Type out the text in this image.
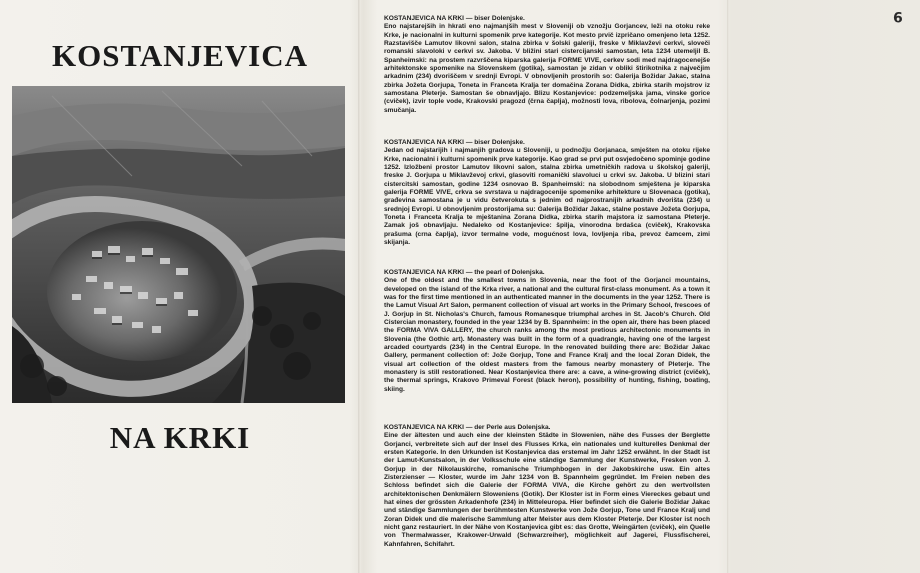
KOSTANJEVICA
NA KRKI

KOSTANJEVICA NA KRKI — biser Dolenjske.
Eno najstarejših in hkrati eno najmanjših mest v Sloveniji ob vznožju Gorjancev, leži na otoku reke Krke, je nacionalni in kulturni spomenik prve kategorije. Kot mesto prvič izpričano omenjeno leta 1252. Razstavišče Lamutov likovni salon, stalna zbirka v šolski galeriji, freske v Miklavževi cerkvi, sloveči romanski slavoloki v cerkvi sv. Jakoba. V bližini stari cistercijanski samostan, leta 1234 utemeljil B. Spanheimski: na prostem razvrščena kiparska galerija FORME VIVE, cerkev sodi med najdragocenejše arhitektonske spomenike na Slovenskem (gotika), samostan je zidan v obliki štirikotnika z največjim arkadnim (234) dvoriščem v srednji Evropi. V obnovljenih prostorih so: Galerija Božidar Jakac, stalna zbirka Jožeta Gorjupa, Toneta in Franceta Kralja ter domačina Zorana Didka, zbirka starih mojstrov iz samostana Pleterje. Samostan še obnavljajo. Blizu Kostanjevice: podzemeljska jama, vinske gorice (cviček), izvir tople vode, Krakovski pragozd (črna čaplja), možnosti lova, ribolova, čolnarjenja, pozimi smučanja.

KOSTANJEVICA NA KRKI — biser Dolenjske.
Jedan od najstarijih i najmanjih gradova u Sloveniji, u podnožju Gorjanaca, smješten na otoku rijeke Krke, nacionalni i kulturni spomenik prve kategorije. Kao grad se prvi put osvjedočeno spominje godine 1252. Izložbeni prostor Lamutov likovni salon, stalna zbirka umetničkih radova u školskoj galeriji, freske J. Gorjupa u Miklavževoj crkvi, glasoviti romanički slavoluci u crkvi sv. Jakoba. U blizini stari cistercitski samostan, godine 1234 osnovao B. Spanheimski: na slobodnom smještena je kiparska galerija FORME VIVE, crkva se svrstava u najdragocenije spomenike arhitekture u Slovenaca (gotika), građevina samostana je u vidu četverokuta s jednim od najprostranijih arkadnih dvorišta (234) u srednjoj Evropi. U obnovljenim prostorijama su: Galerija Božidar Jakac, stalne postave Jožeta Gorjupa, Toneta i Franceta Kralja te mještanina Zorana Didka, zbirka starih majstora iz samostana Pleterje. Zamak još obnavljaju. Nedaleko od Kostanjevice: špilja, vinorodna brdašca (cviček), Krakovska prašuma (crna čaplja), izvor termalne vode, mogućnost lova, lovljenja riba, prevoz čamcem, zimi skijanja.

KOSTANJEVICA NA KRKI — the pearl of Dolenjska.
One of the oldest and the smallest towns in Slovenia, near the foot of the Gorjanci mountains, developed on the island of the Krka river, a national and the cultural first-class monument. As a town it was for the first time mentioned in an authenticated manner in the documents in the year 1252. There is the Lamut Visual Art Salon, permanent collection of visual art works in the Primary School, frescoes of J. Gorjup in St. Nicholas's Church, famous Romanesque triumphal arches in St. Jacob's Church. Old Cistercian monastery, founded in the year 1234 by B. Spannheim: in the open air, there has been placed the FORMA VIVA GALLERY, the church ranks among the most pretious architectonic monuments in Slovenia (the Gothic art). Monastery was built in the form of a quadrangle, having one of the largest arcaded courtyards (234) in the Central Europe. In the renovated building there are: Božidar Jakac Gallery, permanent collection of: Jože Gorjup, Tone and France Kralj and the local Zoran Didek, the visual art collection of the oldest masters from the famous nearby monastery of Pleterje. The monastery is still restorationed. Near Kostanjevica there are: a cave, a wine-growing district (cviček), the thermal springs, Krakovo Primeval Forest (black heron), possibility of hunting, fishing, boating, skiing.

KOSTANJEVICA NA KRKI — der Perle aus Dolenjska.
Eine der ältesten und auch eine der kleinsten Städte in Slowenien, nähe des Fusses der Berglette Gorjanci, verbreitete sich auf der Insel des Flusses Krka, ein nationales und kulturelles Denkmal der ersten Kategorie. In den Urkunden ist Kostanjevica das erstemal im Jahr 1252 erwähnt. In der Stadt ist der Lamut-Kunstsalon, in der Volksschule eine ständige Sammlung der Kunstwerke, Fresken von J. Gorjup in der Nikolauskirche, romanische Triumphbogen in der Jakobskirche usw. Ein altes Zisterzienser — Kloster, wurde im Jahr 1234 von B. Spannheim gegründet. Im Freien neben des Schloss befindet sich die Galerie der FORMA VIVA, die Kirche gehört zu den wertvollsten architektonischen Denkmälern Sloweniens (Gotik). Der Kloster ist in Form eines Viereckes gebaut und hat eines der grössten Arkadenhofe (234) in Mitteleuropa. Hier befindet sich die Galerie Božidar Jakac und ständige Sammlungen der berühmtesten Kunstwerke von Jože Gorjup, Tone und France Kralj und Zoran Didek und die malerische Sammlung alter Meister aus dem Kloster Pleterje. Der Kloster ist noch nicht ganz restauriert. In der Nähe von Kostanjevica gibt es: das Grotte, Weingärten (cviček), ein Quelle von Thermalwasser, Krakower-Urwald (Schwarzreiher), möglichkeit auf Jagerei, Flussfischerei, Kahnfahren, Schifahrt.

9
